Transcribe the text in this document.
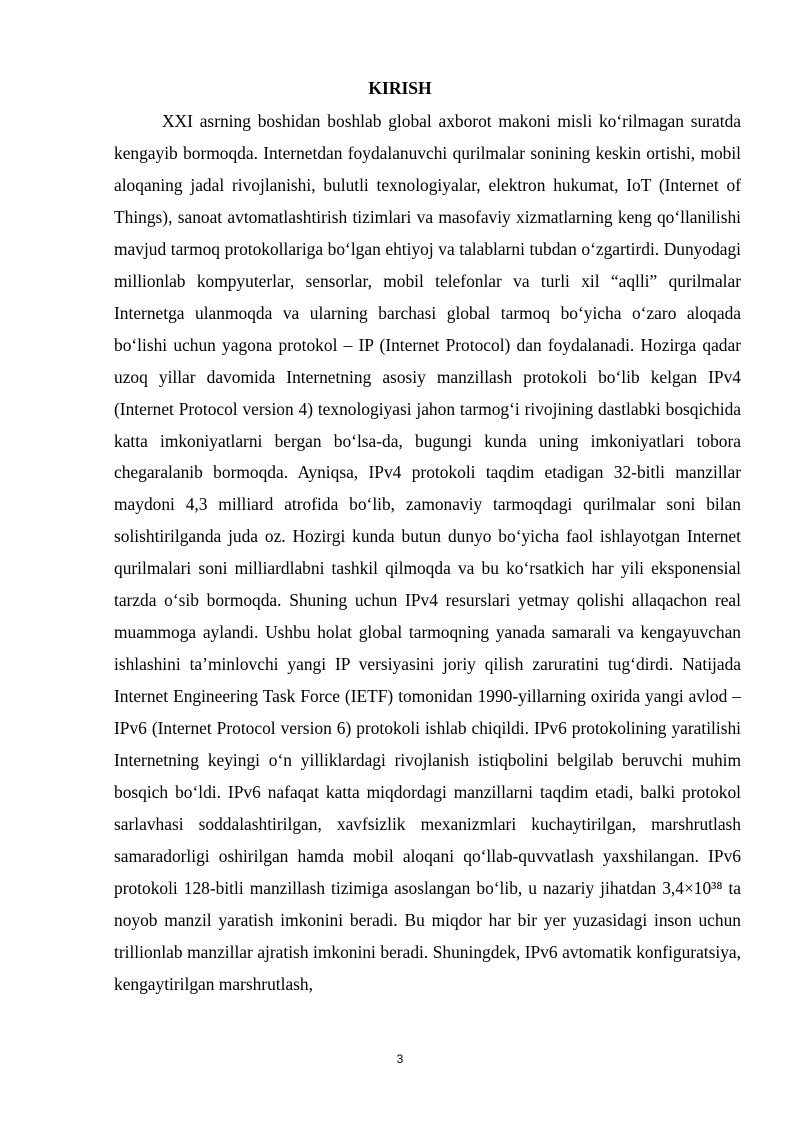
KIRISH

XXI asrning boshidan boshlab global axborot makoni misli ko‘rilmagan suratda kengayib bormoqda. Internetdan foydalanuvchi qurilmalar sonining keskin ortishi, mobil aloqaning jadal rivojlanishi, bulutli texnologiyalar, elektron hukumat, IoT (Internet of Things), sanoat avtomatlashtirish tizimlari va masofaviy xizmatlarning keng qo‘llanilishi mavjud tarmoq protokollariga bo‘lgan ehtiyoj va talablarni tubdan o‘zgartirdi. Dunyodagi millionlab kompyuterlar, sensorlar, mobil telefonlar va turli xil “aqlli” qurilmalar Internetga ulanmoqda va ularning barchasi global tarmoq bo‘yicha o‘zaro aloqada bo‘lishi uchun yagona protokol – IP (Internet Protocol) dan foydalanadi. Hozirga qadar uzoq yillar davomida Internetning asosiy manzillash protokoli bo‘lib kelgan IPv4 (Internet Protocol version 4) texnologiyasi jahon tarmog‘i rivojining dastlabki bosqichida katta imkoniyatlarni bergan bo‘lsa-da, bugungi kunda uning imkoniyatlari tobora chegaralanib bormoqda. Ayniqsa, IPv4 protokoli taqdim etadigan 32-bitli manzillar maydoni 4,3 milliard atrofida bo‘lib, zamonaviy tarmoqdagi qurilmalar soni bilan solishtirilganda juda oz. Hozirgi kunda butun dunyo bo‘yicha faol ishlayotgan Internet qurilmalari soni milliardlabni tashkil qilmoqda va bu ko‘rsatkich har yili eksponensial tarzda o‘sib bormoqda. Shuning uchun IPv4 resurslari yetmay qolishi allaqachon real muammoga aylandi. Ushbu holat global tarmoqning yanada samarali va kengayuvchan ishlashini ta’minlovchi yangi IP versiyasini joriy qilish zaruratini tug‘dirdi. Natijada Internet Engineering Task Force (IETF) tomonidan 1990-yillarning oxirida yangi avlod – IPv6 (Internet Protocol version 6) protokoli ishlab chiqildi. IPv6 protokolining yaratilishi Internetning keyingi o‘n yilliklardagi rivojlanish istiqbolini belgilab beruvchi muhim bosqich bo‘ldi. IPv6 nafaqat katta miqdordagi manzillarni taqdim etadi, balki protokol sarlavhasi soddalashtirilgan, xavfsizlik mexanizmlari kuchaytirilgan, marshrutlash samaradorligi oshirilgan hamda mobil aloqani qo‘llab-quvvatlash yaxshilangan. IPv6 protokoli 128-bitli manzillash tizimiga asoslangan bo‘lib, u nazariy jihatdan 3,4×10³⁸ ta noyob manzil yaratish imkonini beradi. Bu miqdor har bir yer yuzasidagi inson uchun trillionlab manzillar ajratish imkonini beradi. Shuningdek, IPv6 avtomatik konfiguratsiya, kengaytirilgan marshrutlash,

3
